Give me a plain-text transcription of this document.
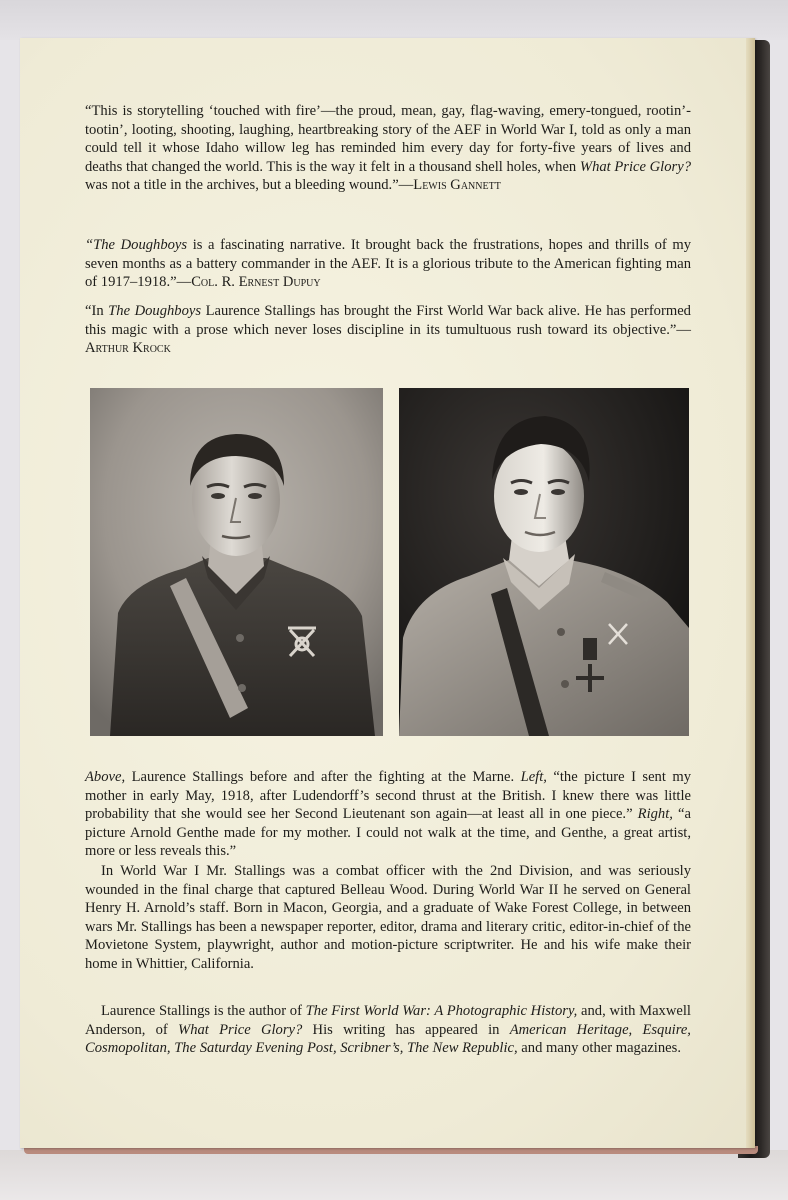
“This is storytelling ‘touched with fire’—the proud, mean, gay, flag-waving, emery-tongued, rootin’-tootin’, looting, shooting, laughing, heartbreaking story of the AEF in World War I, told as only a man could tell it whose Idaho willow leg has reminded him every day for forty-five years of lives and deaths that changed the world. This is the way it felt in a thousand shell holes, when What Price Glory? was not a title in the archives, but a bleeding wound.”—Lewis Gannett

“The Doughboys is a fascinating narrative. It brought back the frustrations, hopes and thrills of my seven months as a battery commander in the AEF. It is a glorious tribute to the American fighting man of 1917–1918.”—Col. R. Ernest Dupuy

“In The Doughboys Laurence Stallings has brought the First World War back alive. He has performed this magic with a prose which never loses discipline in its tumultuous rush toward its objective.”—Arthur Krock

Above, Laurence Stallings before and after the fighting at the Marne. Left, “the picture I sent my mother in early May, 1918, after Ludendorff’s second thrust at the British. I knew there was little probability that she would see her Second Lieutenant son again—at least all in one piece.” Right, “a picture Arnold Genthe made for my mother. I could not walk at the time, and Genthe, a great artist, more or less reveals this.”

In World War I Mr. Stallings was a combat officer with the 2nd Division, and was seriously wounded in the final charge that captured Belleau Wood. During World War II he served on General Henry H. Arnold’s staff. Born in Macon, Georgia, and a graduate of Wake Forest College, in between wars Mr. Stallings has been a newspaper reporter, editor, drama and literary critic, editor-in-chief of the Movietone System, playwright, author and motion-picture scriptwriter. He and his wife make their home in Whittier, California.

Laurence Stallings is the author of The First World War: A Photographic History, and, with Maxwell Anderson, of What Price Glory? His writing has appeared in American Heritage, Esquire, Cosmopolitan, The Saturday Evening Post, Scribner’s, The New Republic, and many other magazines.
